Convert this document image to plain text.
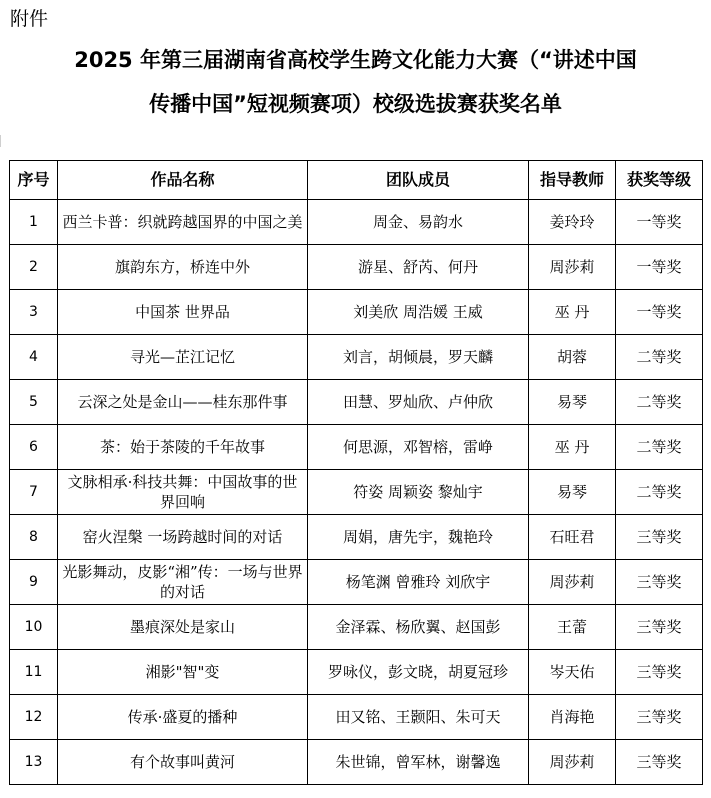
附件
2025 年第三届湖南省高校学生跨文化能力大赛（“讲述中国
传播中国”短视频赛项）校级选拔赛获奖名单
序号	作品名称	团队成员	指导教师	获奖等级
1	西兰卡普：织就跨越国界的中国之美	周金、易韵水	姜玲玲	一等奖
2	旗韵东方，桥连中外	游星、舒芮、何丹	周莎莉	一等奖
3	中国茶 世界品	刘美欣 周浩媛 王威	巫 丹	一等奖
4	寻光—芷江记忆	刘言，胡倾晨，罗天麟	胡蓉	二等奖
5	云深之处是金山——桂东那件事	田慧、罗灿欣、卢仲欣	易琴	二等奖
6	茶：始于茶陵的千年故事	何思源，邓智榕，雷峥	巫 丹	二等奖
7	文脉相承·科技共舞：中国故事的世界回响	符姿 周颖姿 黎灿宇	易琴	二等奖
8	窑火涅槃 一场跨越时间的对话	周娟，唐先宇，魏艳玲	石旺君	三等奖
9	光影舞动，皮影“湘”传：一场与世界的对话	杨笔渊 曾雅玲 刘欣宇	周莎莉	三等奖
10	墨痕深处是家山	金泽霖、杨欣翼、赵国彭	王蕾	三等奖
11	湘影"智"变	罗咏仪，彭文晓，胡夏冠珍	岑天佑	三等奖
12	传承·盛夏的播种	田又铭、王颢阳、朱可天	肖海艳	三等奖
13	有个故事叫黄河	朱世锦，曾军林，谢馨逸	周莎莉	三等奖
